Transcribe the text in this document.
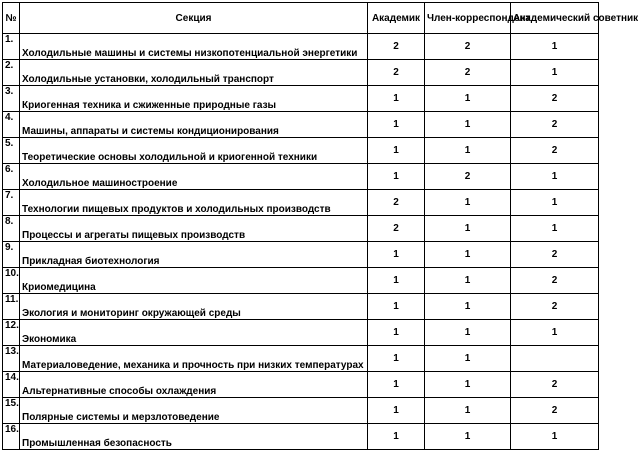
№	Секция	Академик	Член-корреспондент	Академический советник
1.	Холодильные машины и системы низкопотенциальной энергетики	2	2	1
2.	Холодильные установки, холодильный транспорт	2	2	1
3.	Криогенная техника и сжиженные природные газы	1	1	2
4.	Машины, аппараты и системы кондиционирования	1	1	2
5.	Теоретические основы холодильной и криогенной техники	1	1	2
6.	Холодильное машиностроение	1	2	1
7.	Технологии пищевых продуктов и холодильных производств	2	1	1
8.	Процессы и агрегаты пищевых производств	2	1	1
9.	Прикладная биотехнология	1	1	2
10.	Криомедицина	1	1	2
11.	Экология и мониторинг окружающей среды	1	1	2
12.	Экономика	1	1	1
13.	Материаловедение, механика и прочность при низких температурах	1	1	
14.	Альтернативные способы охлаждения	1	1	2
15.	Полярные системы и мерзлотоведение	1	1	2
16.	Промышленная безопасность	1	1	1
